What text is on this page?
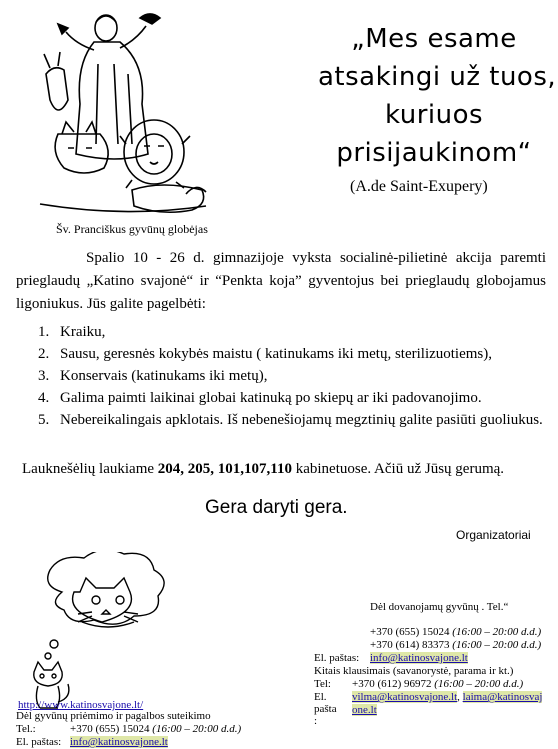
„Mes esame
atsakingi už tuos,
kuriuos
prisijaukinom“
(A.de Saint-Exupery)
Šv. Pranciškus gyvūnų globėjas
Spalio 10 - 26 d. gimnazijoje vyksta socialinė-pilietinė akcija paremti prieglaudų „Katino svajonė“ ir “Penkta koja” gyventojus bei prieglaudų globojamus ligoniukus. Jūs galite pagelbėti:
1. Kraiku,
2. Sausu, geresnės kokybės maistu ( katinukams iki metų, sterilizuotiems),
3. Konservais (katinukams iki metų),
4. Galima paimti laikinai globai katinuką po skiepų ar iki padovanojimo.
5. Nebereikalingais apklotais. Iš nebenešiojamų megztinių galite pasiūti guoliukus.
Lauknešėlių laukiame 204, 205, 101,107,110 kabinetuose. Ačiū už Jūsų gerumą.
Gera daryti gera.
Organizatoriai
http://www.katinosvajone.lt/
Dėl gyvūnų priėmimo ir pagalbos suteikimo
Tel.:	+370 (655) 15024 (16:00 – 20:00 d.d.)
El. paštas: info@katinosvajone.lt
Dėl dovanojamų gyvūnų . Tel.“
+370 (655) 15024 (16:00 – 20:00 d.d.)
+370 (614) 83373 (16:00 – 20:00 d.d.)
El. paštas: info@katinosvajone.lt
Kitais klausimais (savanorystė, parama ir kt.)
Tel: +370 (612) 96972 (16:00 – 20:00 d.d.)
El.
pašta
:
vilma@katinosvajone.lt, laima@katinosvaj
one.lt
